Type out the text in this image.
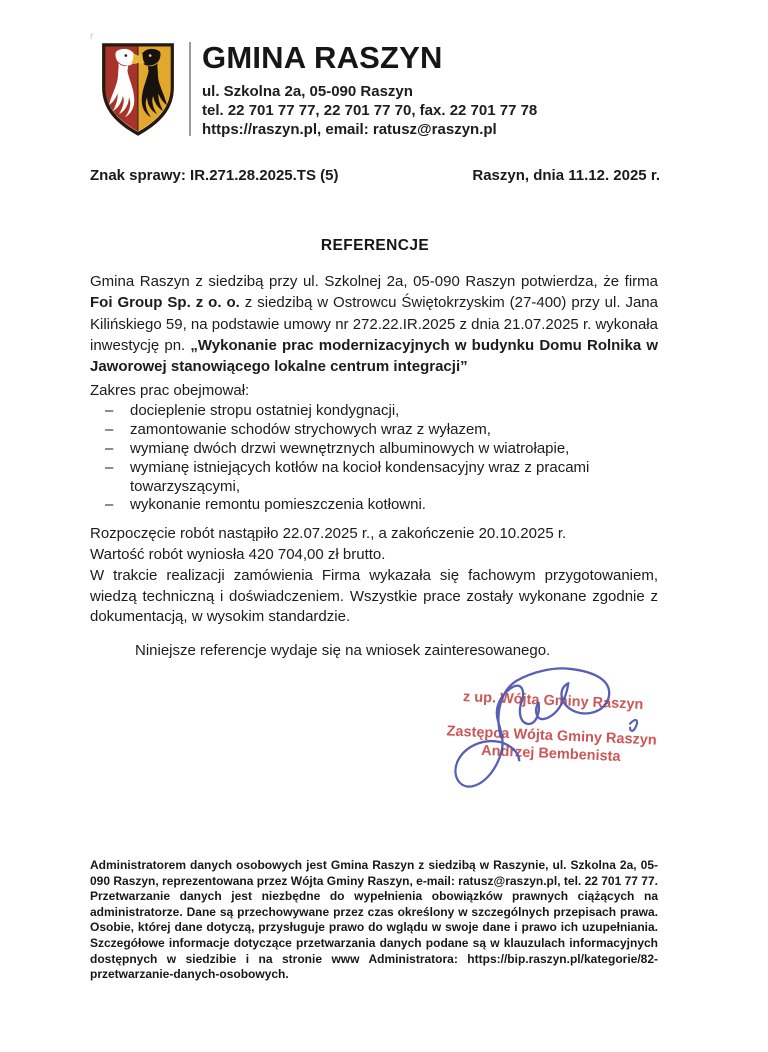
GMINA RASZYN
ul. Szkolna 2a, 05-090 Raszyn
tel. 22 701 77 77, 22 701 77 70, fax. 22 701 77 78
https://raszyn.pl, email: ratusz@raszyn.pl
Znak sprawy: IR.271.28.2025.TS (5)	Raszyn, dnia 11.12. 2025 r.
REFERENCJE

Gmina Raszyn z siedzibą przy ul. Szkolnej 2a, 05-090 Raszyn potwierdza, że firma Foi Group Sp. z o. o. z siedzibą w Ostrowcu Świętokrzyskim (27-400) przy ul. Jana Kilińskiego 59, na podstawie umowy nr 272.22.IR.2025 z dnia 21.07.2025 r. wykonała inwestycję pn. „Wykonanie prac modernizacyjnych w budynku Domu Rolnika w Jaworowej stanowiącego lokalne centrum integracji”

Zakres prac obejmował:
–	docieplenie stropu ostatniej kondygnacji,
–	zamontowanie schodów strychowych wraz z wyłazem,
–	wymianę dwóch drzwi wewnętrznych albuminowych w wiatrołapie,
–	wymianę istniejących kotłów na kocioł kondensacyjny wraz z pracami towarzyszącymi,
–	wykonanie remontu pomieszczenia kotłowni.
Rozpoczęcie robót nastąpiło 22.07.2025 r., a zakończenie 20.10.2025 r.
Wartość robót wyniosła 420 704,00 zł brutto.
W trakcie realizacji zamówienia Firma wykazała się fachowym przygotowaniem, wiedzą techniczną i doświadczeniem. Wszystkie prace zostały wykonane zgodnie z dokumentacją, w wysokim standardzie.
Niniejsze referencje wydaje się na wniosek zainteresowanego.
z up. Wójta Gminy Raszyn
Zastępca Wójta Gminy Raszyn
Andrzej Bembenista
Administratorem danych osobowych jest Gmina Raszyn z siedzibą w Raszynie, ul. Szkolna 2a, 05-090 Raszyn, reprezentowana przez Wójta Gminy Raszyn, e-mail: ratusz@raszyn.pl, tel. 22 701 77 77. Przetwarzanie danych jest niezbędne do wypełnienia obowiązków prawnych ciążących na administratorze. Dane są przechowywane przez czas określony w szczególnych przepisach prawa. Osobie, której dane dotyczą, przysługuje prawo do wglądu w swoje dane i prawo ich uzupełniania. Szczegółowe informacje dotyczące przetwarzania danych podane są w klauzulach informacyjnych dostępnych w siedzibie i na stronie www Administratora: https://bip.raszyn.pl/kategorie/82-przetwarzanie-danych-osobowych.
